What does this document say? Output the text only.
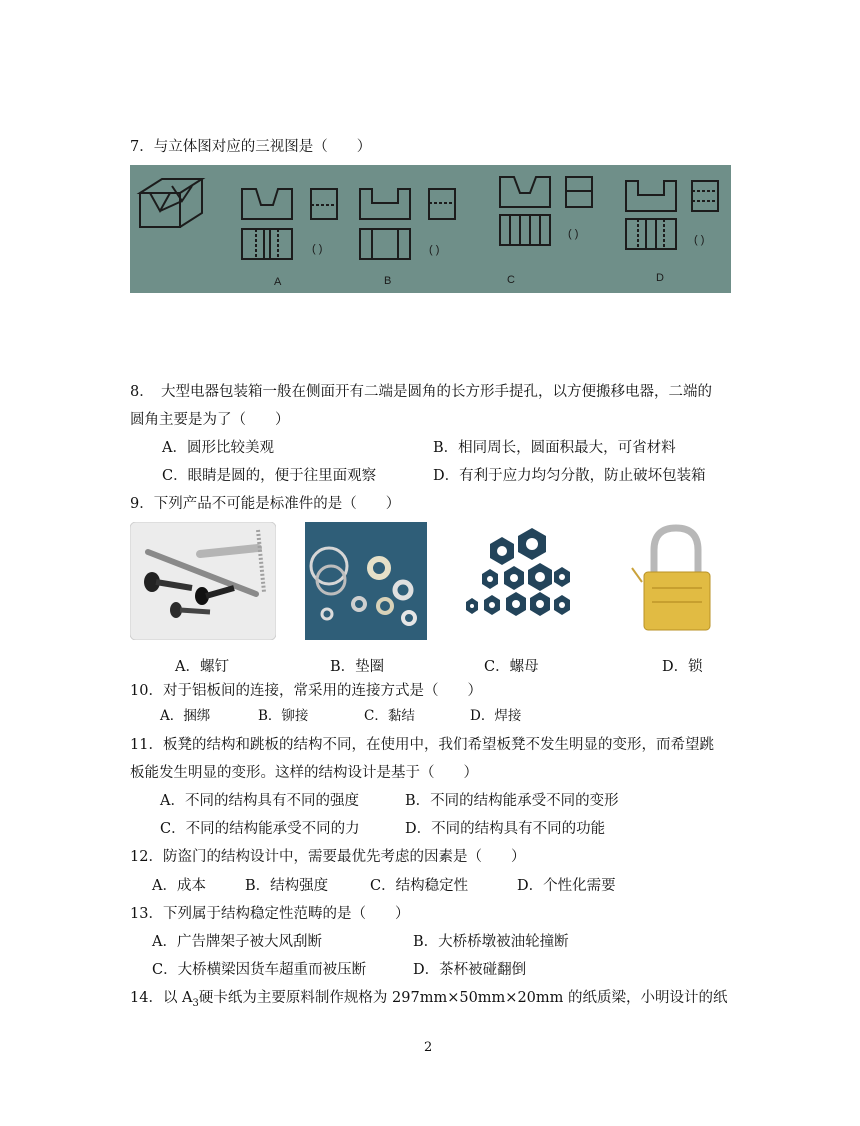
7．与立体图对应的三视图是（　　）
A	B	C	D
( )	( )
( )	( )
8．　大型电器包装箱一般在侧面开有二端是圆角的长方形手提孔，以方便搬移电器，二端的
圆角主要是为了（　　）
A．圆形比较美观	B．相同周长，圆面积最大，可省材料
C．眼睛是圆的，便于往里面观察	D．有利于应力均匀分散，防止破坏包装箱
9．下列产品不可能是标准件的是（　　）
A．螺钉	B．垫圈	C．螺母	D．锁
10．对于铝板间的连接，常采用的连接方式是（　　）
A．捆绑	B．铆接	C．黏结	D．焊接
11．板凳的结构和跳板的结构不同，在使用中，我们希望板凳不发生明显的变形，而希望跳
板能发生明显的变形。这样的结构设计是基于（　　）
A．不同的结构具有不同的强度	B．不同的结构能承受不同的变形
C．不同的结构能承受不同的力	D．不同的结构具有不同的功能
12．防盗门的结构设计中，需要最优先考虑的因素是（　　）
A．成本	B．结构强度	C．结构稳定性	D．个性化需要
13．下列属于结构稳定性范畴的是（　　）
A．广告牌架子被大风刮断	B．大桥桥墩被油轮撞断
C．大桥横梁因货车超重而被压断	D．茶杯被碰翻倒
14．以 $A_3$硬卡纸为主要原料制作规格为 297mm×50mm×20mm 的纸质梁，小明设计的纸
2
